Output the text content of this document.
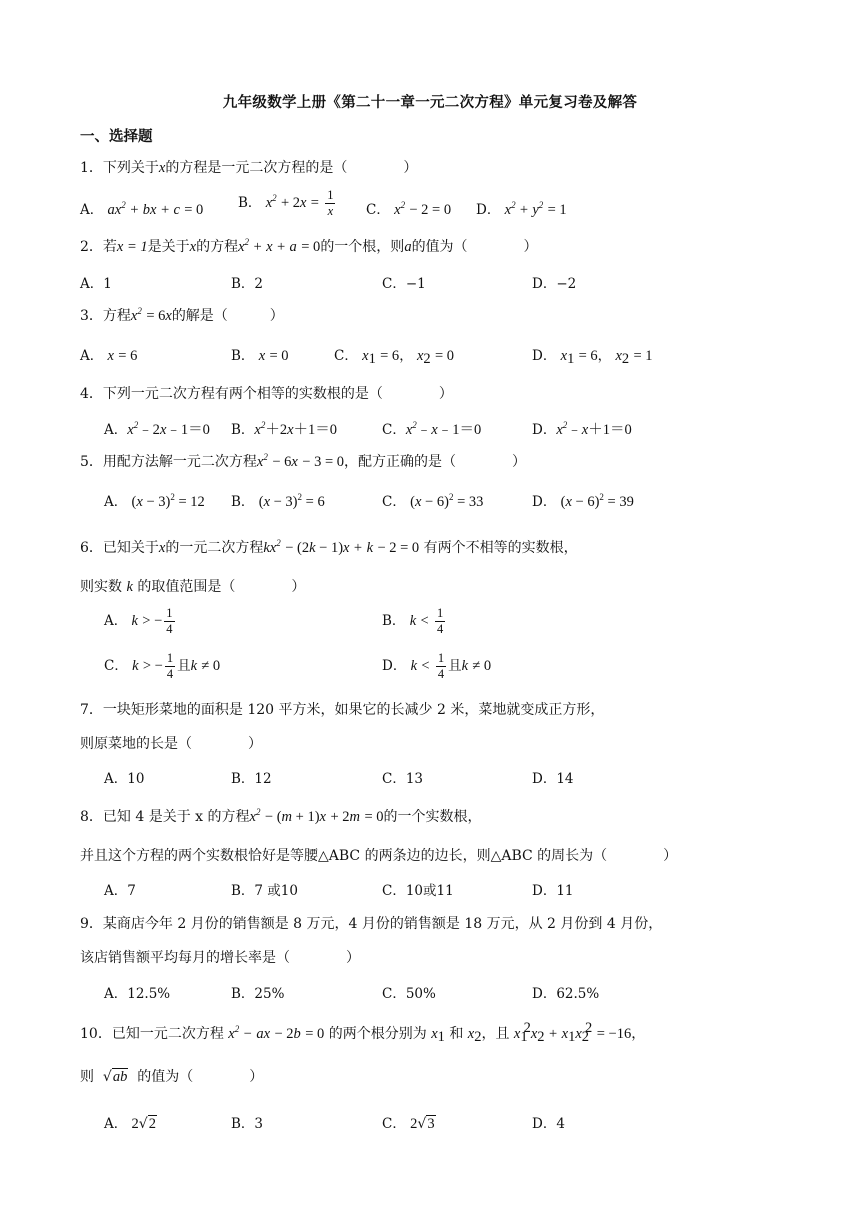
九年级数学上册《第二十一章一元二次方程》单元复习卷及解答
一、选择题
1．下列关于x的方程是一元二次方程的是（　　　　）
A． $ax^2$ + bx + c = 0	B． $x^2 + 2x = \frac{1}{x}$ C． $x^2 - 2 = 0$ D． $x^2 + y^2 = 1$
2．若x = 1是关于x的方程$x^2 + x + a = 0$的一个根，则a的值为（　　　　）
A．1	B．2	C．−1	D．−2
3．方程$x^2 = 6x$的解是（　　　）
A． x = 6	B． x = 0	C． $x_1 = 6$， $x_2 = 0$	D． $x_1 = 6$， $x_2 = 1$
4．下列一元二次方程有两个相等的实数根的是（　　　　）
A．$x^2﹣2x﹣1=0$ B．$x^2+2x+1=0$	C．$x^2﹣x﹣1=0$	D．$x^2﹣x+1=0$
5．用配方法解一元二次方程$x^2 - 6x - 3 = 0$，配方正确的是（　　　　）
A． $(x - 3)^2 = 12$ B． $(x - 3)^2 = 6$	C． $(x - 6)^2 = 33$	D． $(x - 6)^2 = 39$
6．已知关于x的一元二次方程$kx^2 - (2k - 1)x + k - 2 = 0$ 有两个不相等的实数根，
则实数 k 的取值范围是（　　　　）
A． k > − $\frac{1}{4}$	B． $k < \frac{1}{4}$
C． k > − $\frac{1}{4}$ 且k ≠ 0	D． $k < \frac{1}{4}$ 且k ≠ 0
7．一块矩形菜地的面积是 120 平方米，如果它的长减少 2 米，菜地就变成正方形，
则原菜地的长是（　　　　）
A．10	B．12	C．13	D．14
8．已知 4 是关于 x 的方程$x^2 - (m + 1)x + 2m = 0$的一个实数根，
并且这个方程的两个实数根恰好是等腰△ABC 的两条边的边长，则△ABC 的周长为（　　　　）
A．7	B．7 或10	C．10或11	D．11
9．某商店今年 2 月份的销售额是 8 万元，4 月份的销售额是 18 万元，从 2 月份到 4 月份，
该店销售额平均每月的增长率是（　　　　）
A．12.5%	B．25%	C．50%	D．62.5%
10．已知一元二次方程 $x^2$ − ax − 2b = 0 的两个根分别为 $x_1$ 和 $x_2$，且 $x_1^2x_2 + x_1x_2^2 = -16$，
则 √ab 的值为（　　　　）
A． 2√2	B．3	C． 2√3	D．4
